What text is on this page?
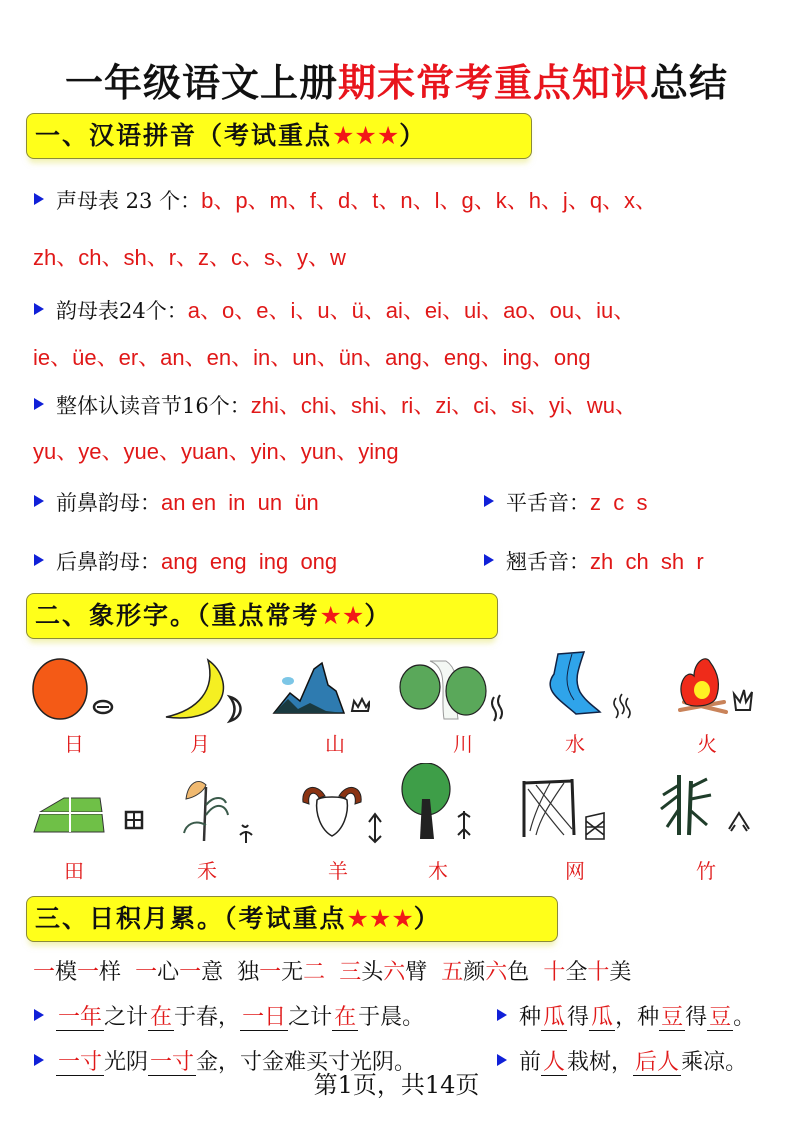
一年级语文上册期末常考重点知识总结
一、汉语拼音（考试重点★★★）
声母表 23 个：b、p、m、f、d、t、n、l、g、k、h、j、q、x、
zh、ch、sh、r、z、c、s、y、w
韵母表24个：a、o、e、i、u、ü、ai、ei、ui、ao、ou、iu、
ie、üe、er、an、en、in、un、ün、ang、eng、ing、ong
整体认读音节16个：zhi、chi、shi、ri、zi、ci、si、yi、wu、
yu、ye、yue、yuan、yin、yun、ying
前鼻韵母：an en  in  un  ün	平舌音：z  c  s
后鼻韵母：ang  eng  ing  ong	翘舌音：zh  ch  sh  r
二、象形字。（重点常考★★）
日	月	山	川	水	火
田	禾	羊	木	网	竹
三、日积月累。（考试重点★★★）
一模一样 一心一意 独一无二 三头六臂 五颜六色 十全十美
一年之计在于春，一日之计在于晨。	种瓜得瓜，种豆得豆。
一寸光阴一寸金，寸金难买寸光阴。	前人栽树，后人乘凉。
第1页，共14页
